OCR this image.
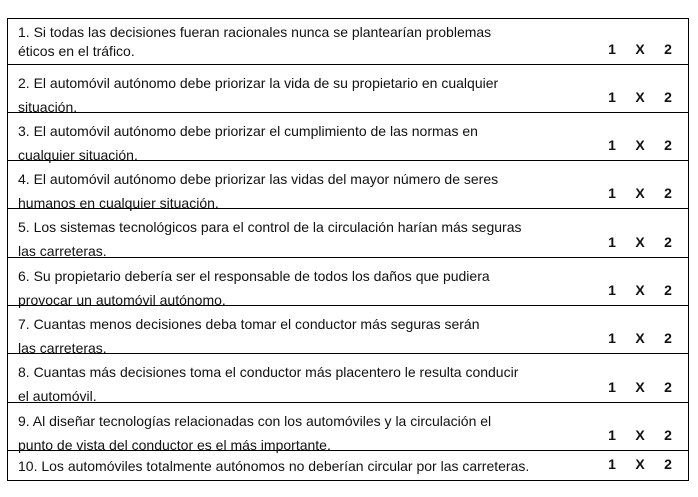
1. Si todas las decisiones fueran racionales nunca se plantearían problemas
éticos en el tráfico.	1	X	2
2. El automóvil autónomo debe priorizar la vida de su propietario en cualquier
situación.
1	X	2
3. El automóvil autónomo debe priorizar el cumplimiento de las normas en
cualquier situación.
1	X	2
4. El automóvil autónomo debe priorizar las vidas del mayor número de seres
humanos en cualquier situación.
1	X	2
5. Los sistemas tecnológicos para el control de la circulación harían más seguras
las carreteras.
1	X	2
6. Su propietario debería ser el responsable de todos los daños que pudiera
provocar un automóvil autónomo.
1	X	2
7. Cuantas menos decisiones deba tomar el conductor más seguras serán
las carreteras.
1	X	2
8. Cuantas más decisiones toma el conductor más placentero le resulta conducir
el automóvil.
1	X	2
9. Al diseñar tecnologías relacionadas con los automóviles y la circulación el
punto de vista del conductor es el más importante.
1	X	2
10. Los automóviles totalmente autónomos no deberían circular por las carreteras.	1	X	2
